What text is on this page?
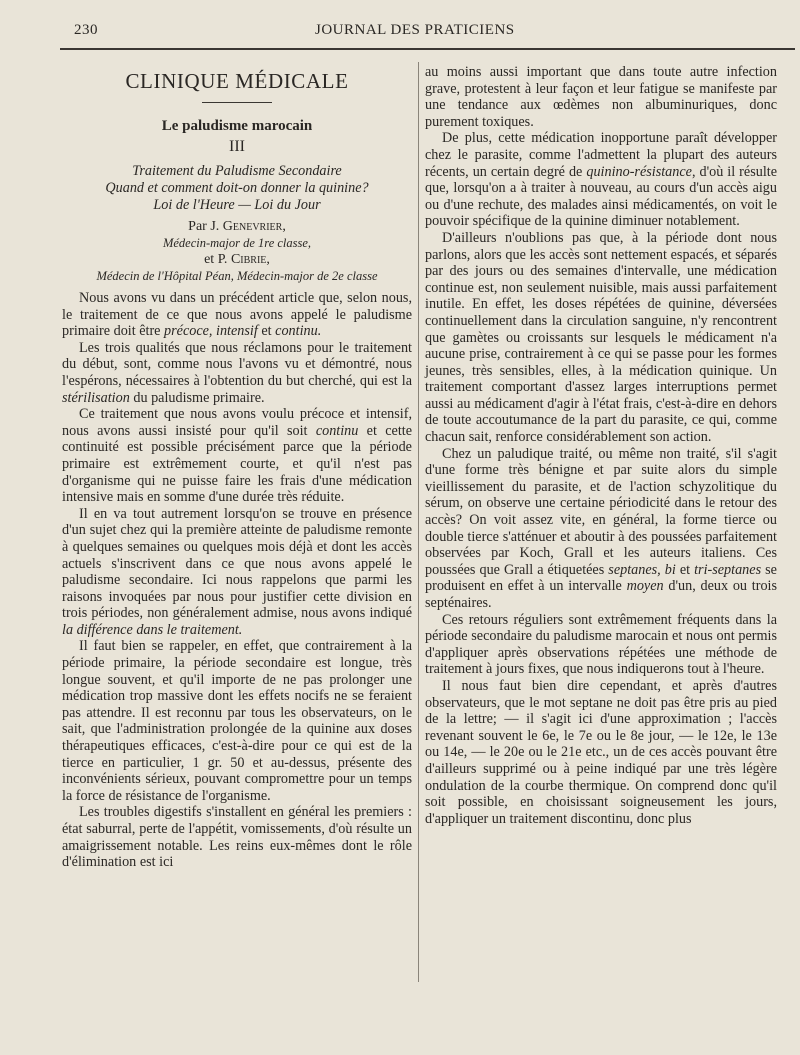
230	JOURNAL DES PRATICIENS
CLINIQUE MÉDICALE
Le paludisme marocain
III
Traitement du Paludisme Secondaire
Quand et comment doit-on donner la quinine?
Loi de l'Heure — Loi du Jour
Par J. Genevrier,
Médecin-major de 1re classe,
et P. Cibrie,
Médecin de l'Hôpital Péan, Médecin-major de 2e classe

Nous avons vu dans un précédent article que, selon nous, le traitement de ce que nous avons appelé le paludisme primaire doit être précoce, intensif et continu.

Les trois qualités que nous réclamons pour le traitement du début, sont, comme nous l'avons vu et démontré, nous l'espérons, nécessaires à l'obtention du but cherché, qui est la stérilisation du paludisme primaire.

Ce traitement que nous avons voulu précoce et intensif, nous avons aussi insisté pour qu'il soit continu et cette continuité est possible précisément parce que la période primaire est extrêmement courte, et qu'il n'est pas d'organisme qui ne puisse faire les frais d'une médication intensive mais en somme d'une durée très réduite.

Il en va tout autrement lorsqu'on se trouve en présence d'un sujet chez qui la première atteinte de paludisme remonte à quelques semaines ou quelques mois déjà et dont les accès actuels s'inscrivent dans ce que nous avons appelé le paludisme secondaire. Ici nous rappelons que parmi les raisons invoquées par nous pour justifier cette division en trois périodes, non généralement admise, nous avons indiqué la différence dans le traitement.

Il faut bien se rappeler, en effet, que contrairement à la période primaire, la période secondaire est longue, très longue souvent, et qu'il importe de ne pas prolonger une médication trop massive dont les effets nocifs ne se feraient pas attendre. Il est reconnu par tous les observateurs, on le sait, que l'administration prolongée de la quinine aux doses thérapeutiques efficaces, c'est-à-dire pour ce qui est de la tierce en particulier, 1 gr. 50 et au-dessus, présente des inconvénients sérieux, pouvant compromettre pour un temps la force de résistance de l'organisme.

Les troubles digestifs s'installent en général les premiers : état saburral, perte de l'appétit, vomissements, d'où résulte un amaigrissement notable. Les reins eux-mêmes dont le rôle d'élimination est ici

au moins aussi important que dans toute autre infection grave, protestent à leur façon et leur fatigue se manifeste par une tendance aux œdèmes non albuminuriques, donc purement toxiques.

De plus, cette médication inopportune paraît développer chez le parasite, comme l'admettent la plupart des auteurs récents, un certain degré de quinino-résistance, d'où il résulte que, lorsqu'on a à traiter à nouveau, au cours d'un accès aigu ou d'une rechute, des malades ainsi médicamentés, on voit le pouvoir spécifique de la quinine diminuer notablement.

D'ailleurs n'oublions pas que, à la période dont nous parlons, alors que les accès sont nettement espacés, et séparés par des jours ou des semaines d'intervalle, une médication continue est, non seulement nuisible, mais aussi parfaitement inutile. En effet, les doses répétées de quinine, déversées continuellement dans la circulation sanguine, n'y rencontrent que gamètes ou croissants sur lesquels le médicament n'a aucune prise, contrairement à ce qui se passe pour les formes jeunes, très sensibles, elles, à la médication quinique. Un traitement comportant d'assez larges interruptions permet aussi au médicament d'agir à l'état frais, c'est-à-dire en dehors de toute accoutumance de la part du parasite, ce qui, comme chacun sait, renforce considérablement son action.

Chez un paludique traité, ou même non traité, s'il s'agit d'une forme très bénigne et par suite alors du simple vieillissement du parasite, et de l'action schyzolitique du sérum, on observe une certaine périodicité dans le retour des accès? On voit assez vite, en général, la forme tierce ou double tierce s'atténuer et aboutir à des poussées parfaitement observées par Koch, Grall et les auteurs italiens. Ces poussées que Grall a étiquetées septanes, bi et tri-septanes se produisent en effet à un intervalle moyen d'un, deux ou trois septénaires.

Ces retours réguliers sont extrêmement fréquents dans la période secondaire du paludisme marocain et nous ont permis d'appliquer après observations répétées une méthode de traitement à jours fixes, que nous indiquerons tout à l'heure.

Il nous faut bien dire cependant, et après d'autres observateurs, que le mot septane ne doit pas être pris au pied de la lettre; — il s'agit ici d'une approximation ; l'accès revenant souvent le 6e, le 7e ou le 8e jour, — le 12e, le 13e ou 14e, — le 20e ou le 21e etc., un de ces accès pouvant être d'ailleurs supprimé ou à peine indiqué par une très légère ondulation de la courbe thermique. On comprend donc qu'il soit possible, en choisissant soigneusement les jours, d'appliquer un traitement discontinu, donc plus
